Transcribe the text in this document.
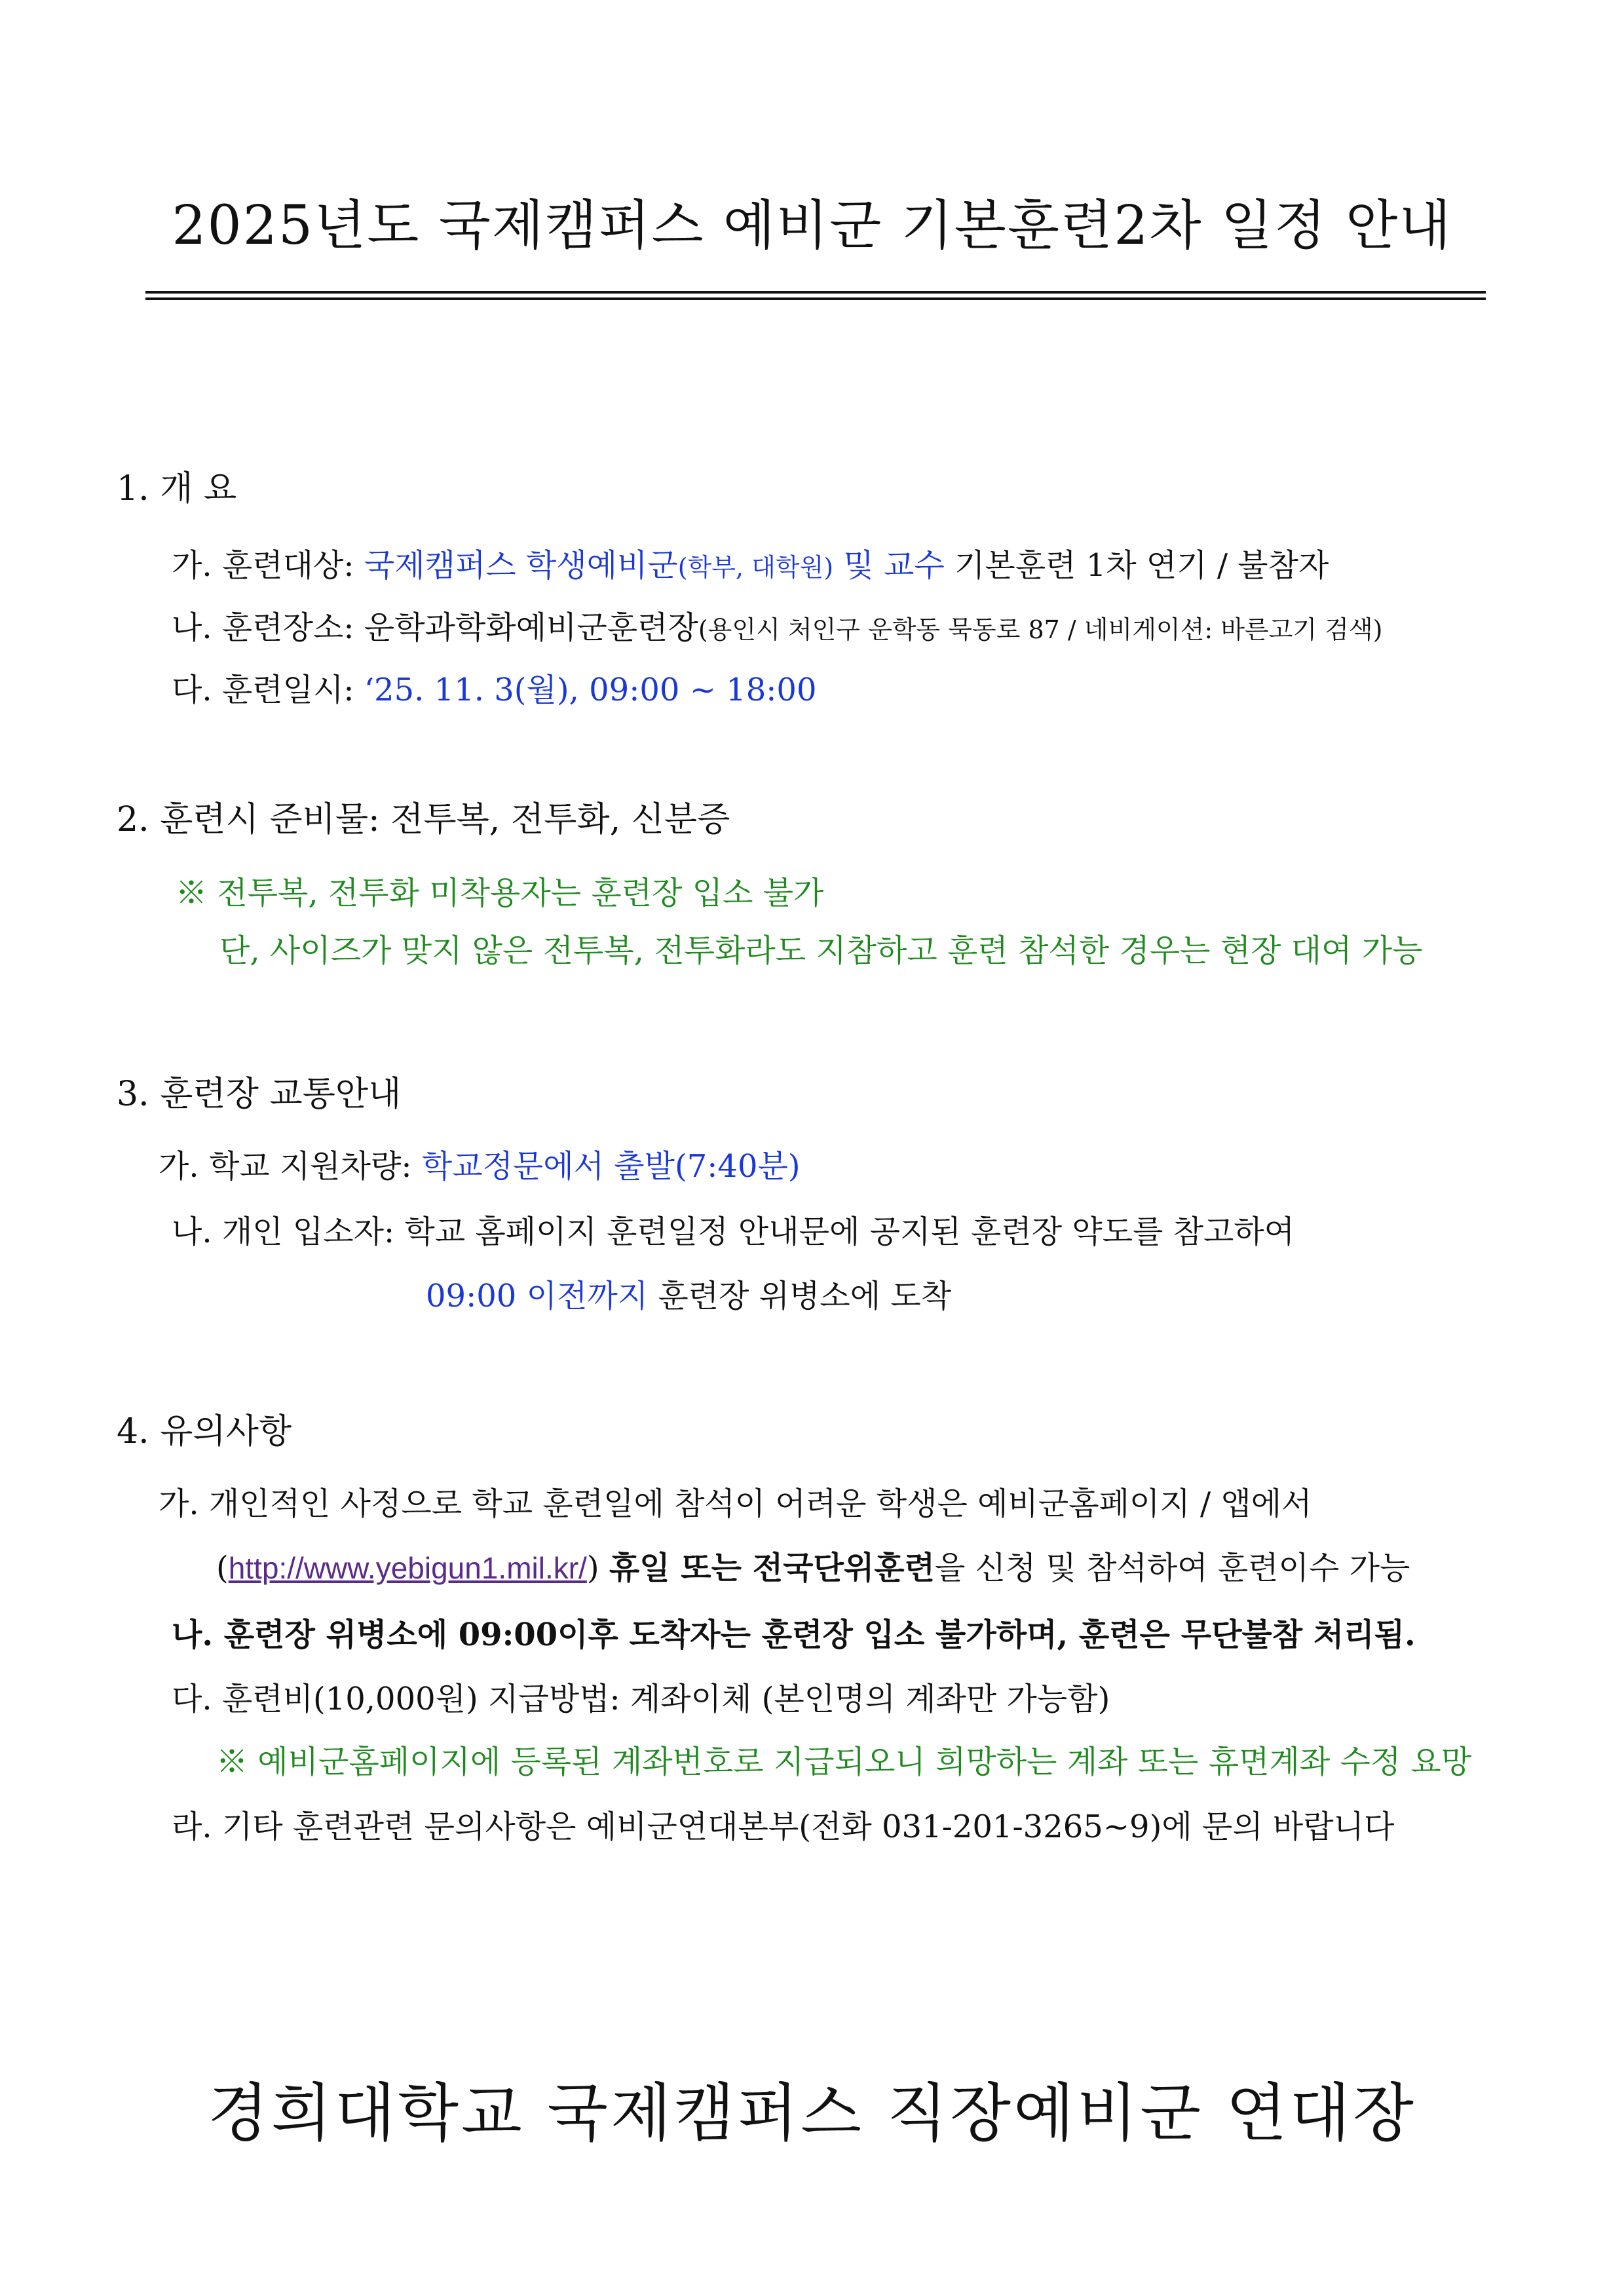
2025년도 국제캠퍼스 예비군 기본훈련2차 일정 안내
1. 개 요
가. 훈련대상: 국제캠퍼스 학생예비군(학부, 대학원) 및 교수 기본훈련 1차 연기 / 불참자
나. 훈련장소: 운학과학화예비군훈련장(용인시 처인구 운학동 묵동로 87 / 네비게이션: 바른고기 검색)
다. 훈련일시: ‘25. 11. 3(월), 09:00 ~ 18:00
2. 훈련시 준비물: 전투복, 전투화, 신분증
※ 전투복, 전투화 미착용자는 훈련장 입소 불가
단, 사이즈가 맞지 않은 전투복, 전투화라도 지참하고 훈련 참석한 경우는 현장 대여 가능
3. 훈련장 교통안내
가. 학교 지원차량: 학교정문에서 출발(7:40분)
나. 개인 입소자: 학교 홈페이지 훈련일정 안내문에 공지된 훈련장 약도를 참고하여
09:00 이전까지 훈련장 위병소에 도착
4. 유의사항
가. 개인적인 사정으로 학교 훈련일에 참석이 어려운 학생은 예비군홈페이지 / 앱에서
(http://www.yebigun1.mil.kr/) 휴일 또는 전국단위훈련을 신청 및 참석하여 훈련이수 가능
나. 훈련장 위병소에 09:00이후 도착자는 훈련장 입소 불가하며, 훈련은 무단불참 처리됨.
다. 훈련비(10,000원) 지급방법: 계좌이체 (본인명의 계좌만 가능함)
※ 예비군홈페이지에 등록된 계좌번호로 지급되오니 희망하는 계좌 또는 휴면계좌 수정 요망
라. 기타 훈련관련 문의사항은 예비군연대본부(전화 031-201-3265~9)에 문의 바랍니다
경희대학교 국제캠퍼스 직장예비군 연대장
